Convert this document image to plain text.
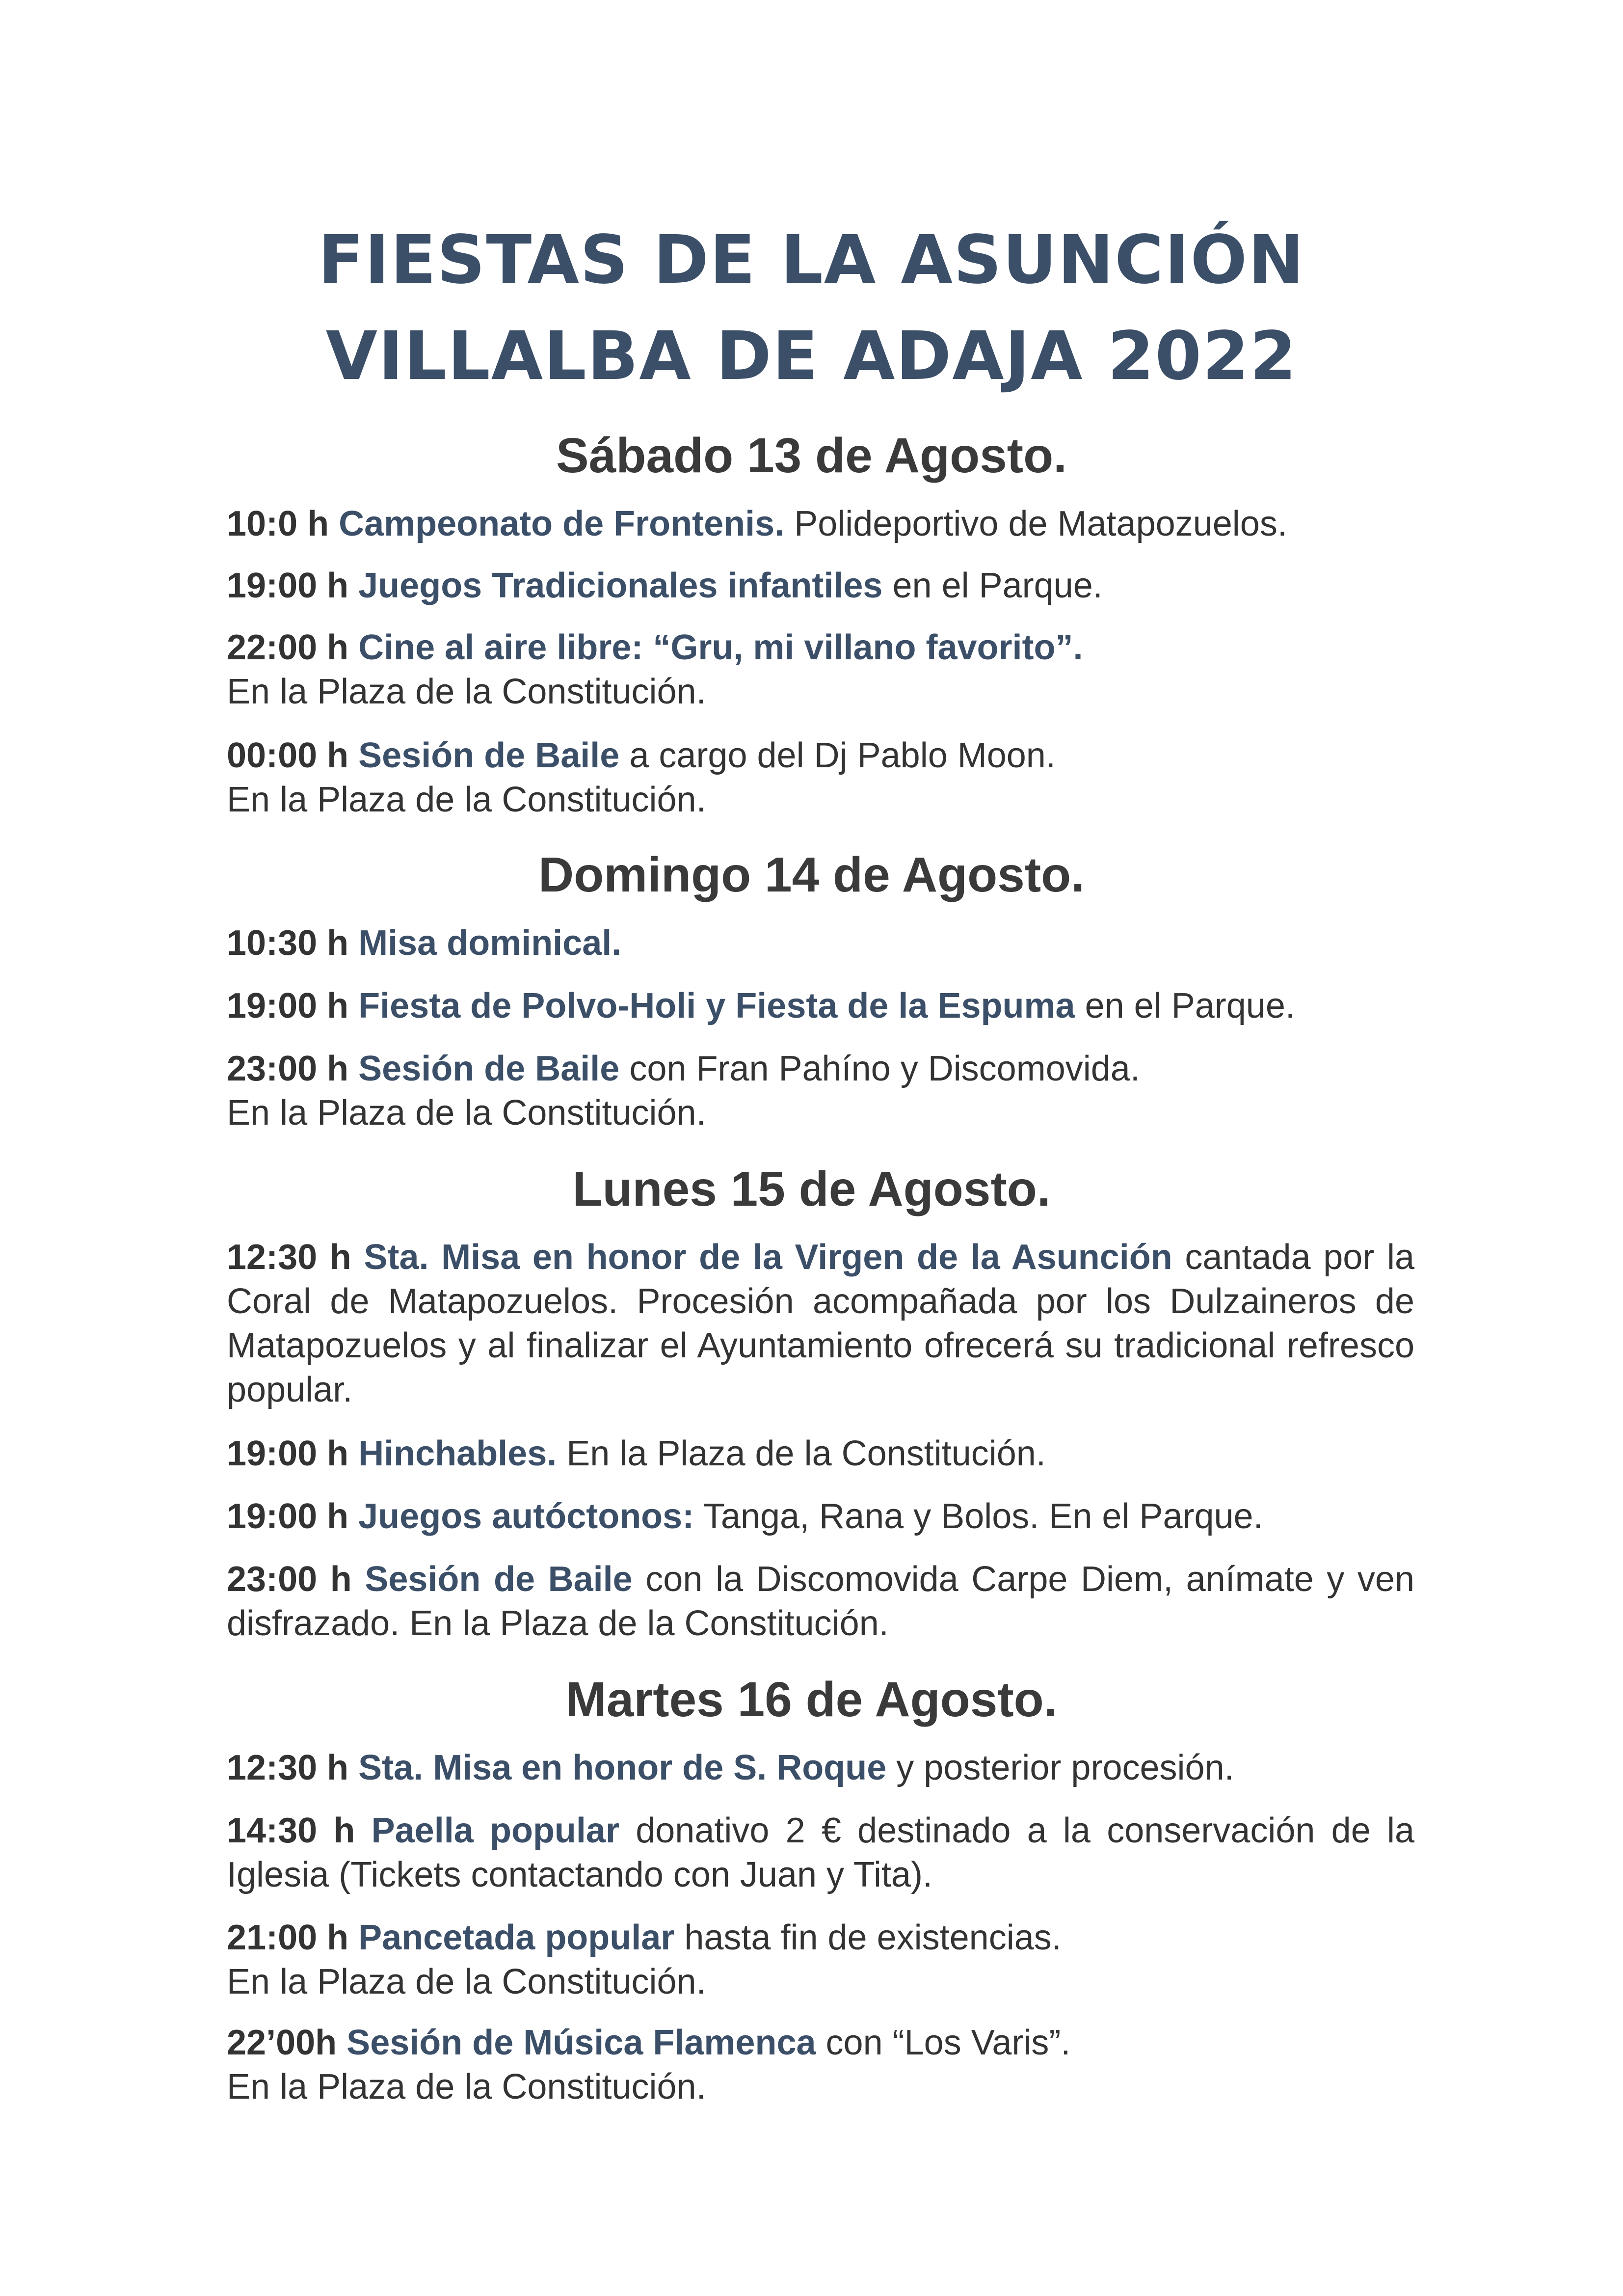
FIESTAS DE LA ASUNCIÓN
VILLALBA DE ADAJA 2022
Sábado 13 de Agosto.
10:0 h Campeonato de Frontenis. Polideportivo de Matapozuelos.
19:00 h Juegos Tradicionales infantiles en el Parque.
22:00 h Cine al aire libre: “Gru, mi villano favorito”.
En la Plaza de la Constitución.
00:00 h Sesión de Baile a cargo del Dj Pablo Moon.
En la Plaza de la Constitución.
Domingo 14 de Agosto.
10:30 h Misa dominical.
19:00 h Fiesta de Polvo-Holi y Fiesta de la Espuma en el Parque.
23:00 h Sesión de Baile con Fran Pahíno y Discomovida.
En la Plaza de la Constitución.
Lunes 15 de Agosto.
12:30 h Sta. Misa en honor de la Virgen de la Asunción cantada por la Coral de Matapozuelos. Procesión acompañada por los Dulzaineros de Matapozuelos y al finalizar el Ayuntamiento ofrecerá su tradicional refresco popular.
19:00 h Hinchables. En la Plaza de la Constitución.
19:00 h Juegos autóctonos: Tanga, Rana y Bolos. En el Parque.
23:00 h Sesión de Baile con la Discomovida Carpe Diem, anímate y ven disfrazado. En la Plaza de la Constitución.
Martes 16 de Agosto.
12:30 h Sta. Misa en honor de S. Roque y posterior procesión.
14:30 h Paella popular donativo 2 € destinado a la conservación de la Iglesia (Tickets contactando con Juan y Tita).
21:00 h Pancetada popular hasta fin de existencias.
En la Plaza de la Constitución.
22’00h Sesión de Música Flamenca con “Los Varis”.
En la Plaza de la Constitución.
